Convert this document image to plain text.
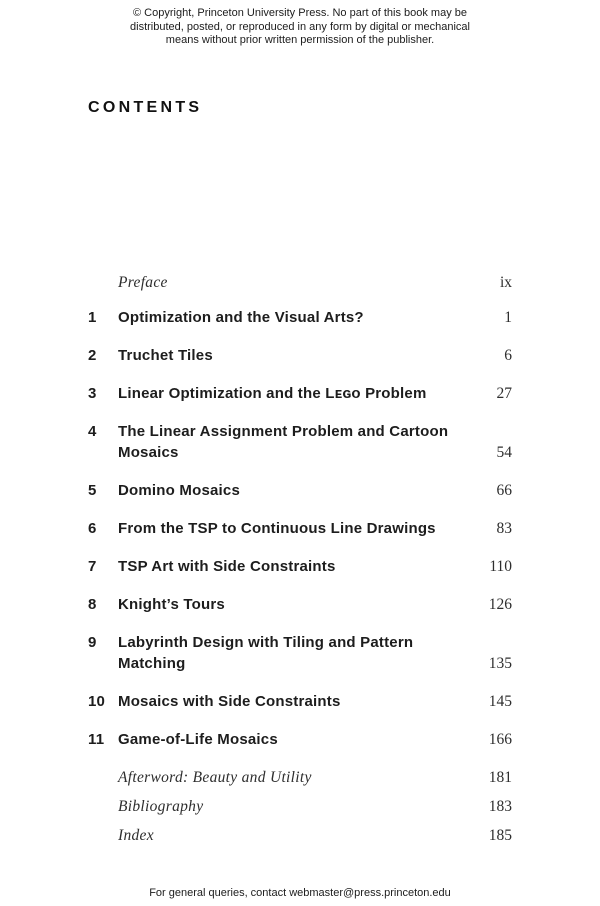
© Copyright, Princeton University Press. No part of this book may be
distributed, posted, or reproduced in any form by digital or mechanical
means without prior written permission of the publisher.
CONTENTS
Preface	ix
1	Optimization and the Visual Arts?	1
2	Truchet Tiles	6
3	Linear Optimization and the Lᴇɢᴏ Problem	27
4	The Linear Assignment Problem and Cartoon Mosaics	54
5	Domino Mosaics	66
6	From the TSP to Continuous Line Drawings	83
7	TSP Art with Side Constraints	110
8	Knight’s Tours	126
9	Labyrinth Design with Tiling and Pattern Matching	135
10 Mosaics with Side Constraints	145
11 Game-of-Life Mosaics	166
Afterword: Beauty and Utility	181
Bibliography	183
Index	185
For general queries, contact webmaster@press.princeton.edu
